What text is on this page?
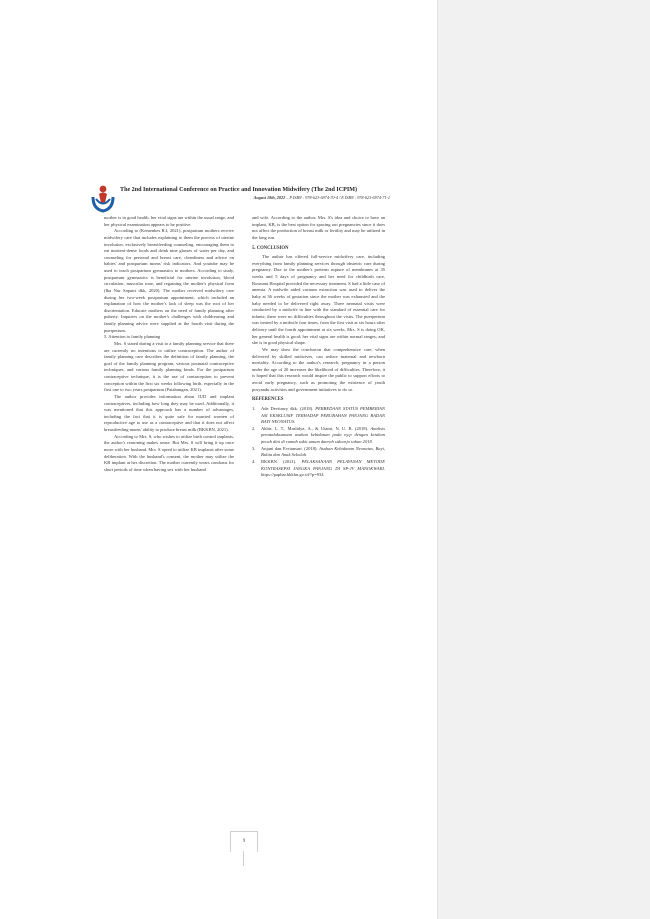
The 2nd International Conference on Practice and Innovation Midwifery (The 2nd ICPIM)
August 18th, 2022 – P ISBN : 978-623-6974-70-4 / E ISBN : 978-623-6974-71-1

mother is in good health, her vital signs are within the usual range, and her physical examination appears to be positive.

According to (Kemenkes R.I, 2021), postpartum mothers receive midwifery care that includes explaining to them the process of uterine involution, exclusively breastfeeding counseling, encouraging them to eat nutrient-dense foods and drink nine glasses of water per day, and counseling for personal and breast care, cleanliness and advice on babies' and postpartum moms' risk indicators. And youtube may be used to teach postpartum gymnastics to mothers. According to study, postpartum gymnastics is beneficial for uterine involution, blood circulation, muscular tone, and regaining the mother's physical form (Ika Nur Saputri dkk, 2020). The mother received midwifery care during her two-week postpartum appointment, which included an explanation of how the mother's lack of sleep was the root of her disorientation. Educate mothers on the need of family planning after puberty. Inquiries on the mother's challenges with childrearing and family planning advice were supplied at the fourth visit during the puerperium.

5. Attention to family planning

Mrs. S stated during a visit to a family planning service that there are currently no intentions to utilize contraception. The author of family planning care describes the definition of family planning, the goal of the family planning program, various postnatal contraceptive techniques, and various family planning kinds. For the postpartum contraceptive technique, it is the use of contraception to prevent conception within the first six weeks following birth, especially in the first one to two years postpartum (Patabungan, 2021).

The author provides information about IUD and implant contraceptives, including how long they may be used. Additionally, it was mentioned that this approach has a number of advantages, including the fact that it is quite safe for married women of reproductive age to use as a contraceptive and that it does not affect breastfeeding mums' ability to produce breast milk (BKKBN, 2021).

According to Mrs. S, who wishes to utilize birth control implants, the author's reasoning makes sense. But Mrs. S will bring it up once more with her husband. Mrs. S opted to utilize KB implants after some deliberation. With the husband's consent, the mother may utilize the KB implant at her discretion. The mother currently wears condoms for short periods of time when having sex with her husband

and wife. According to the author, Mrs. S's idea and choice to have an implant, KB, is the best option for spacing out pregnancies since it does not affect the production of breast milk or fertility and may be utilized in the long run.

5. CONCLUSION

The author has offered full-service midwifery care, including everything from family planning services through obstetric care during pregnancy. Due to the mother's preterm rupture of membranes at 35 weeks and 5 days of pregnancy and her need for childbirth care, Rosmani Hospital provided the necessary treatment. S had a little case of anemia. A midwife aided vacuum extraction was used to deliver the baby at 36 weeks of gestation since the mother was exhausted and the baby needed to be delivered right away. Three neonatal visits were conducted by a midwife in line with the standard of essential care for infants; there were no difficulties throughout the visits. The puerperium was treated by a midwife four times, from the first visit at six hours after delivery until the fourth appointment at six weeks. Mrs. S is doing OK, her general health is good; her vital signs are within normal ranges; and she is in good physical shape.

We may draw the conclusion that comprehensive care, when delivered by skilled midwives, can reduce maternal and newborn mortality. According to the author's research, pregnancy in a person under the age of 20 increases the likelihood of difficulties. Therefore, it is hoped that this research would inspire the public to support efforts to avoid early pregnancy, such as promoting the existence of youth posyandu activities and government initiatives to do so.

REFERENCES

1.	Ade Devitasry dkk. (2018). PERBEDAAN STATUS PEMBERIAN ASI EKSKLUSIF TERHADAP PERUBAHAN PANJANG BADAN BAYI NEONATUS.
2.	Akhir, L. T., Maslidya, A., & Utami, N. U. R. (2018). Analisis penatalaksanaan asuhan kebidanan pada ny.p dengan ketuban pecah dini di rumah sakit umum daerah sidoarjo tahun 2018.
3.	Anjani dan Evriansari. (2018). Asuhan Kebidanan Neonatus, Bayi, Balita dan Anak Sekolah.
4.	BKKBN. (2021). PELAKSANAAN PELAYANAN METODE KONTRASEPSI JANGKA PANJANG DI SP-JV MANOKWARI. https://papbar.bkkbn.go.id/?p=934
9
